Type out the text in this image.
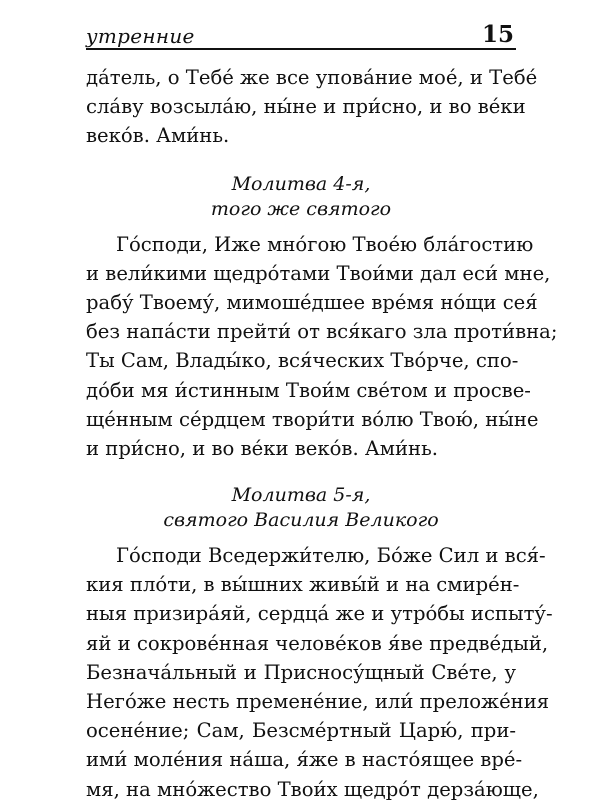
утренние	15
да́тель, о Тебе́ же все упова́ние мое́, и Тебе́
сла́ву возсыла́ю, ны́не и при́сно, и во ве́ки
веко́в. Ами́нь.
Молитва 4-я,
того же святого
Го́споди, Иже мно́гою Твое́ю бла́гостию
и вели́кими щедро́тами Твои́ми дал еси́ мне,
рабу́ Твоему́, мимоше́дшее вре́мя но́щи сея́
без напа́сти прейти́ от вся́каго зла проти́вна;
Ты Сам, Влады́ко, вся́ческих Тво́рче, спо-
до́би мя и́стинным Твои́м све́том и просве-
ще́нным се́рдцем твори́ти во́лю Твою́, ны́не
и при́сно, и во ве́ки веко́в. Ами́нь.
Молитва 5-я,
святого Василия Великого
Го́споди Вседержи́телю, Бо́же Сил и вся́-
кия пло́ти, в вы́шних живы́й и на смире́н-
ныя призира́яй, сердца́ же и утро́бы испыту́-
яй и сокрове́нная челове́ков я́ве предве́дый,
Безнача́льный и Присносу́щный Све́те, у
Него́же несть премене́ние, или́ преложе́ния
осене́ние; Сам, Безсме́ртный Царю́, при-
ими́ моле́ния на́ша, я́же в насто́ящее вре́-
мя, на мно́жество Твои́х щедро́т дерза́юще,
